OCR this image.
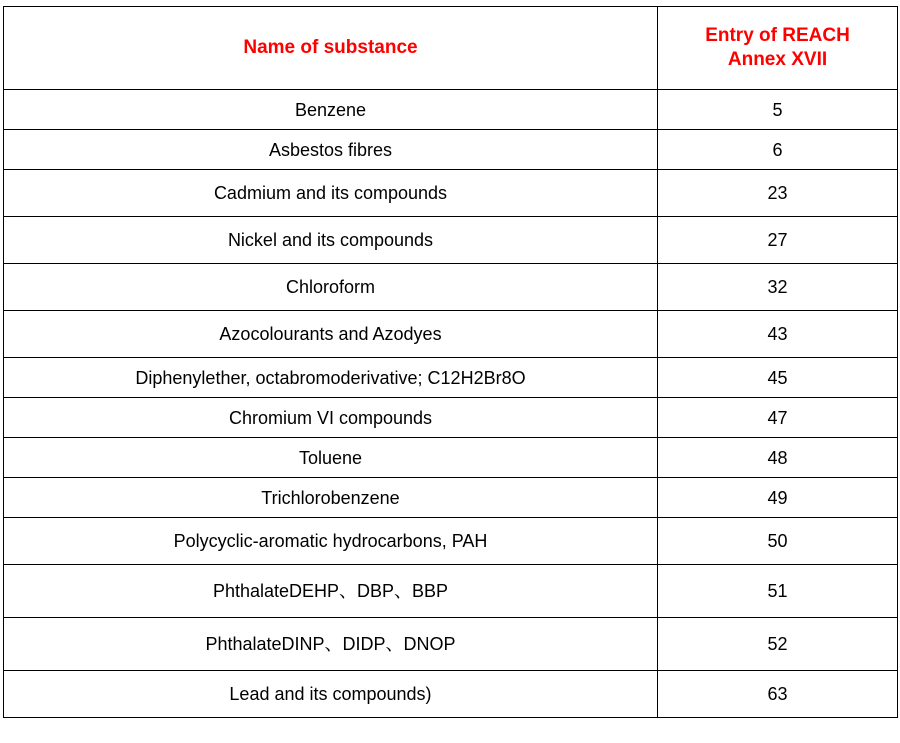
Name of substance	Entry of REACH
Annex XVII

Benzene	5
Asbestos fibres	6
Cadmium and its compounds	23
Nickel and its compounds	27
Chloroform	32
Azocolourants and Azodyes	43
Diphenylether, octabromoderivative; C12H2Br8O	45
Chromium VI compounds	47
Toluene	48
Trichlorobenzene	49
Polycyclic-aromatic hydrocarbons, PAH	50
PhthalateDEHP、DBP、BBP	51
PhthalateDINP、DIDP、DNOP	52
Lead and its compounds)	63
